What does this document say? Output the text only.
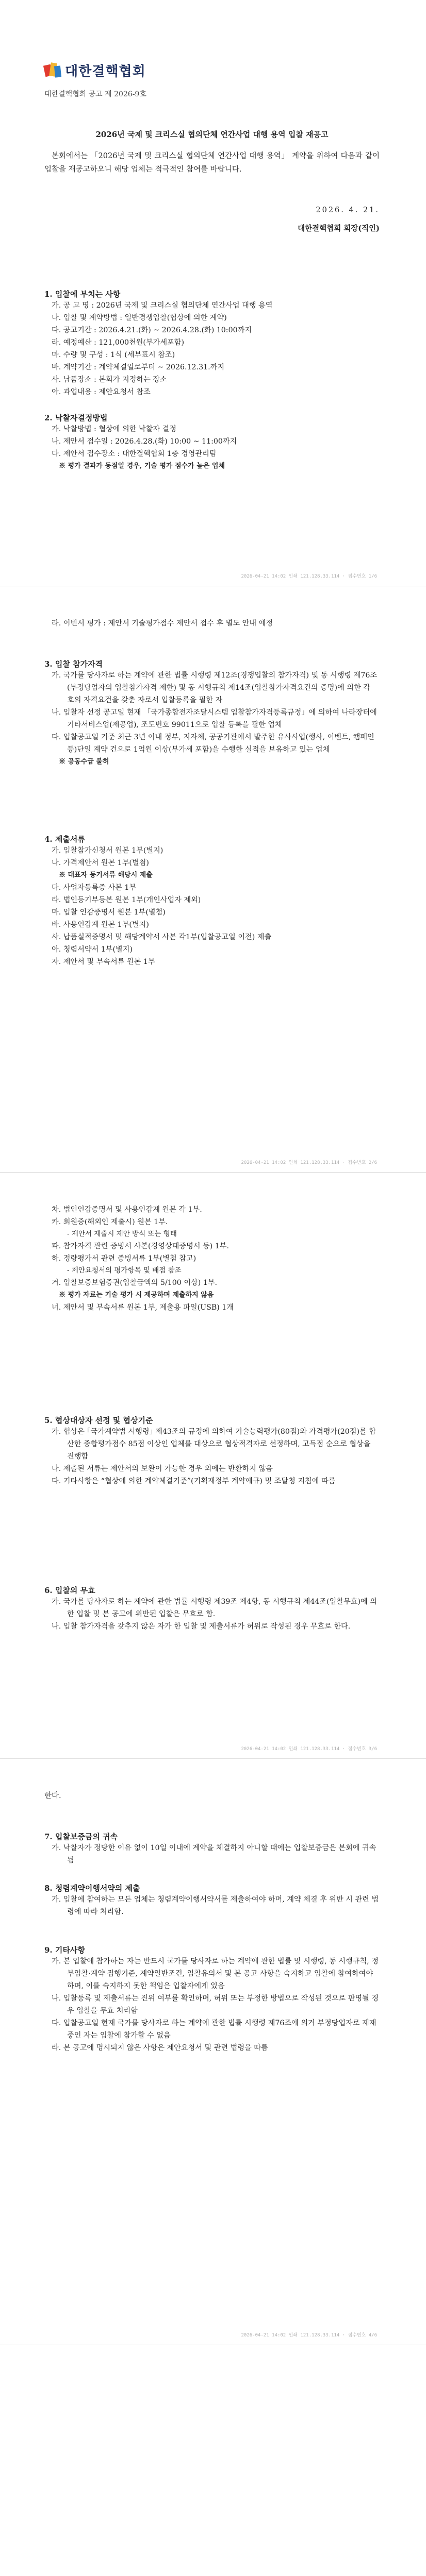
대한결핵협회
대한결핵협회 공고 제 2026-9호
2026년 국제 및 크리스실 협의단체 연간사업 대행 용역 입찰 재공고
본회에서는 「2026년 국제 및 크리스실 협의단체 연간사업 대행 용역」 계약을 위하여 다음과 같이 입찰을 재공고하오니 해당 업체는 적극적인 참여를 바랍니다.
2026. 4. 21.
대한결핵협회 회장(직인)
1. 입찰에 부치는 사항
가. 공 고 명 : 2026년 국제 및 크리스실 협의단체 연간사업 대행 용역
나. 입찰 및 계약방법 : 일반경쟁입찰(협상에 의한 계약)
다. 공고기간 : 2026.4.21.(화) ~ 2026.4.28.(화) 10:00까지
라. 예정예산 : 121,000천원(부가세포함)
마. 수량 및 구성 : 1식 (세부표시 참조)
바. 계약기간 : 계약체결일로부터 ~ 2026.12.31.까지
사. 납품장소 : 본회가 지정하는 장소
아. 과업내용 : 제안요청서 참조
2. 낙찰자결정방법
가. 낙찰방법 : 협상에 의한 낙찰자 결정
나. 제안서 접수일 : 2026.4.28.(화) 10:00 ~ 11:00까지
다. 제안서 접수장소 : 대한결핵협회 1층 경영관리팀
※ 평가 결과가 동점일 경우, 기술 평가 점수가 높은 업체
2026-04-21 14:02 인쇄 121.128.33.114 · 접수번호 1/6
라. 이빈서 평가 : 제안서 기술평가점수 제안서 접수 후 별도 안내 예정
3. 입찰 참가자격
가. 국가를 당사자로 하는 계약에 관한 법률 시행령 제12조(경쟁입찰의 참가자격) 및 동 시행령 제76조(부정당업자의 입찰참가자격 제한) 및 동 시행규칙 제14조(입찰참가자격요건의 증명)에 의한 각 호의 자격요건을 갖춘 자로서 입찰등록을 필한 자
나. 입찰자 선정 공고일 현재 「국가종합전자조달시스템 입찰참가자격등록규정」에 의하여 나라장터에 기타서비스업(제공업), 조도번호 99011으로 입찰 등록을 필한 업체
다. 입찰공고일 기준 최근 3년 이내 정부, 지자체, 공공기관에서 발주한 유사사업(행사, 이벤트, 캠페인 등)단일 계약 건으로 1억원 이상(부가세 포함)을 수행한 실적을 보유하고 있는 업체
※ 공동수급 불허
4. 제출서류
가. 입찰참가신청서 원본 1부(별지)
나. 가격제안서 원본 1부(별첨)
※ 대표자 등기서류 해당시 제출
다. 사업자등록증 사본 1부
라. 법인등기부등본 원본 1부(개인사업자 제외)
마. 입찰 인감증명서 원본 1부(별첨)
바. 사용인감계 원본 1부(별지)
사. 납품실적증명서 및 해당계약서 사본 각1부(입찰공고일 이전) 제출
아. 청렴서약서 1부(별지)
자. 제안서 및 부속서류 원본 1부
2026-04-21 14:02 인쇄 121.128.33.114 · 접수번호 2/6
차. 법인인감증명서 및 사용인감계 원본 각 1부.
카. 회원증(해외인 제출시) 원본 1부.
- 제안서 제출시 제안 방식 또는 형태
파. 참가자격 관련 증빙서 사본(경영상태증명서 등) 1부.
하. 정량평가서 관련 증빙서류 1부(별첨 참고)
- 제안요청서의 평가항목 및 배점 참조
거. 입찰보증보험증권(입찰금액의 5/100 이상) 1부.
※ 평가 자료는 기술 평가 시 제공하며 제출하지 않음
너. 제안서 및 부속서류 원본 1부, 제출용 파일(USB) 1개
5. 협상대상자 선정 및 협상기준
가. 협상은 ｢국가계약법 시행령｣ 제43조의 규정에 의하여 기술능력평가(80점)와 가격평가(20점)를 합산한 종합평가점수 85점 이상인 업체를 대상으로 협상적격자로 선정하며, 고득점 순으로 협상을 진행함
나. 제출된 서류는 제안서의 보완이 가능한 경우 외에는 반환하지 않음
다. 기타사항은 “협상에 의한 계약체결기준”(기획재정부 계약예규) 및 조달청 지침에 따름
6. 입찰의 무효
가. 국가를 당사자로 하는 계약에 관한 법률 시행령 제39조 제4항, 동 시행규칙 제44조(입찰무효)에 의한 입찰 및 본 공고에 위반된 입찰은 무효로 함.
나. 입찰 참가자격을 갖추지 않은 자가 한 입찰 및 제출서류가 허위로 작성된 경우 무효로 한다.
2026-04-21 14:02 인쇄 121.128.33.114 · 접수번호 3/6
한다.
7. 입찰보증금의 귀속
가. 낙찰자가 정당한 이유 없이 10일 이내에 계약을 체결하지 아니할 때에는 입찰보증금은 본회에 귀속됨
8. 청렴계약이행서약의 제출
가. 입찰에 참여하는 모든 업체는 청렴계약이행서약서를 제출하여야 하며, 계약 체결 후 위반 시 관련 법령에 따라 처리함.
9. 기타사항
가. 본 입찰에 참가하는 자는 반드시 국가를 당사자로 하는 계약에 관한 법률 및 시행령, 동 시행규칙, 정부입찰·계약 집행기준, 계약일반조건, 입찰유의서 및 본 공고 사항을 숙지하고 입찰에 참여하여야 하며, 이를 숙지하지 못한 책임은 입찰자에게 있음
나. 입찰등록 및 제출서류는 진위 여부를 확인하며, 허위 또는 부정한 방법으로 작성된 것으로 판명될 경우 입찰을 무효 처리함
다. 입찰공고일 현재 국가를 당사자로 하는 계약에 관한 법률 시행령 제76조에 의거 부정당업자로 제재 중인 자는 입찰에 참가할 수 없음
라. 본 공고에 명시되지 않은 사항은 제안요청서 및 관련 법령을 따름
2026-04-21 14:02 인쇄 121.128.33.114 · 접수번호 4/6
